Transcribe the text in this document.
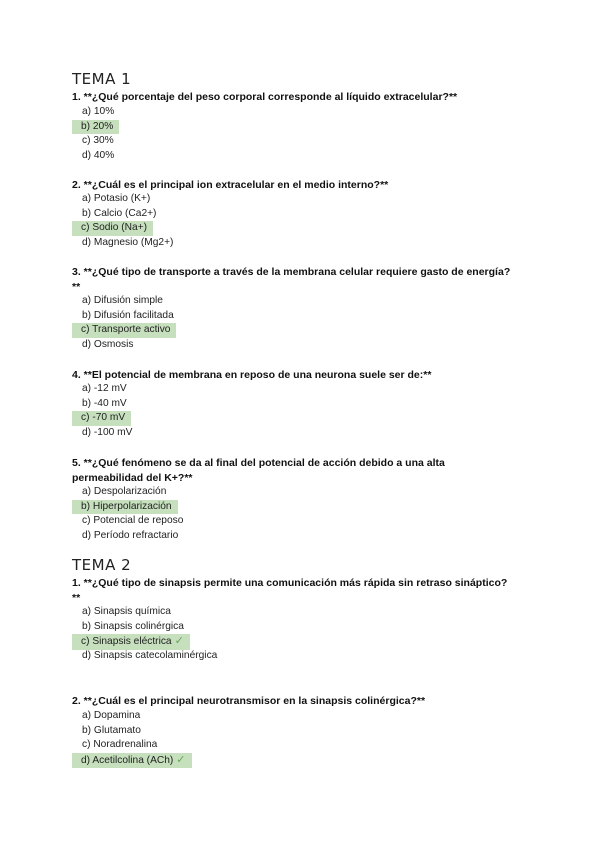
TEMA 1
1. **¿Qué porcentaje del peso corporal corresponde al líquido extracelular?**
a) 10%
b) 20%
c) 30%
d) 40%
2. **¿Cuál es el principal ion extracelular en el medio interno?**
a) Potasio (K+)
b) Calcio (Ca2+)
c) Sodio (Na+)
d) Magnesio (Mg2+)
3. **¿Qué tipo de transporte a través de la membrana celular requiere gasto de energía?**
a) Difusión simple
b) Difusión facilitada
c) Transporte activo
d) Osmosis
4. **El potencial de membrana en reposo de una neurona suele ser de:**
a) -12 mV
b) -40 mV
c) -70 mV
d) -100 mV
5. **¿Qué fenómeno se da al final del potencial de acción debido a una alta permeabilidad del K+?**
a) Despolarización
b) Hiperpolarización
c) Potencial de reposo
d) Período refractario
TEMA 2
1. **¿Qué tipo de sinapsis permite una comunicación más rápida sin retraso sináptico?**
a) Sinapsis química
b) Sinapsis colinérgica
c) Sinapsis eléctrica ✓
d) Sinapsis catecolaminérgica
2. **¿Cuál es el principal neurotransmisor en la sinapsis colinérgica?**
a) Dopamina
b) Glutamato
c) Noradrenalina
d) Acetilcolina (ACh) ✓
